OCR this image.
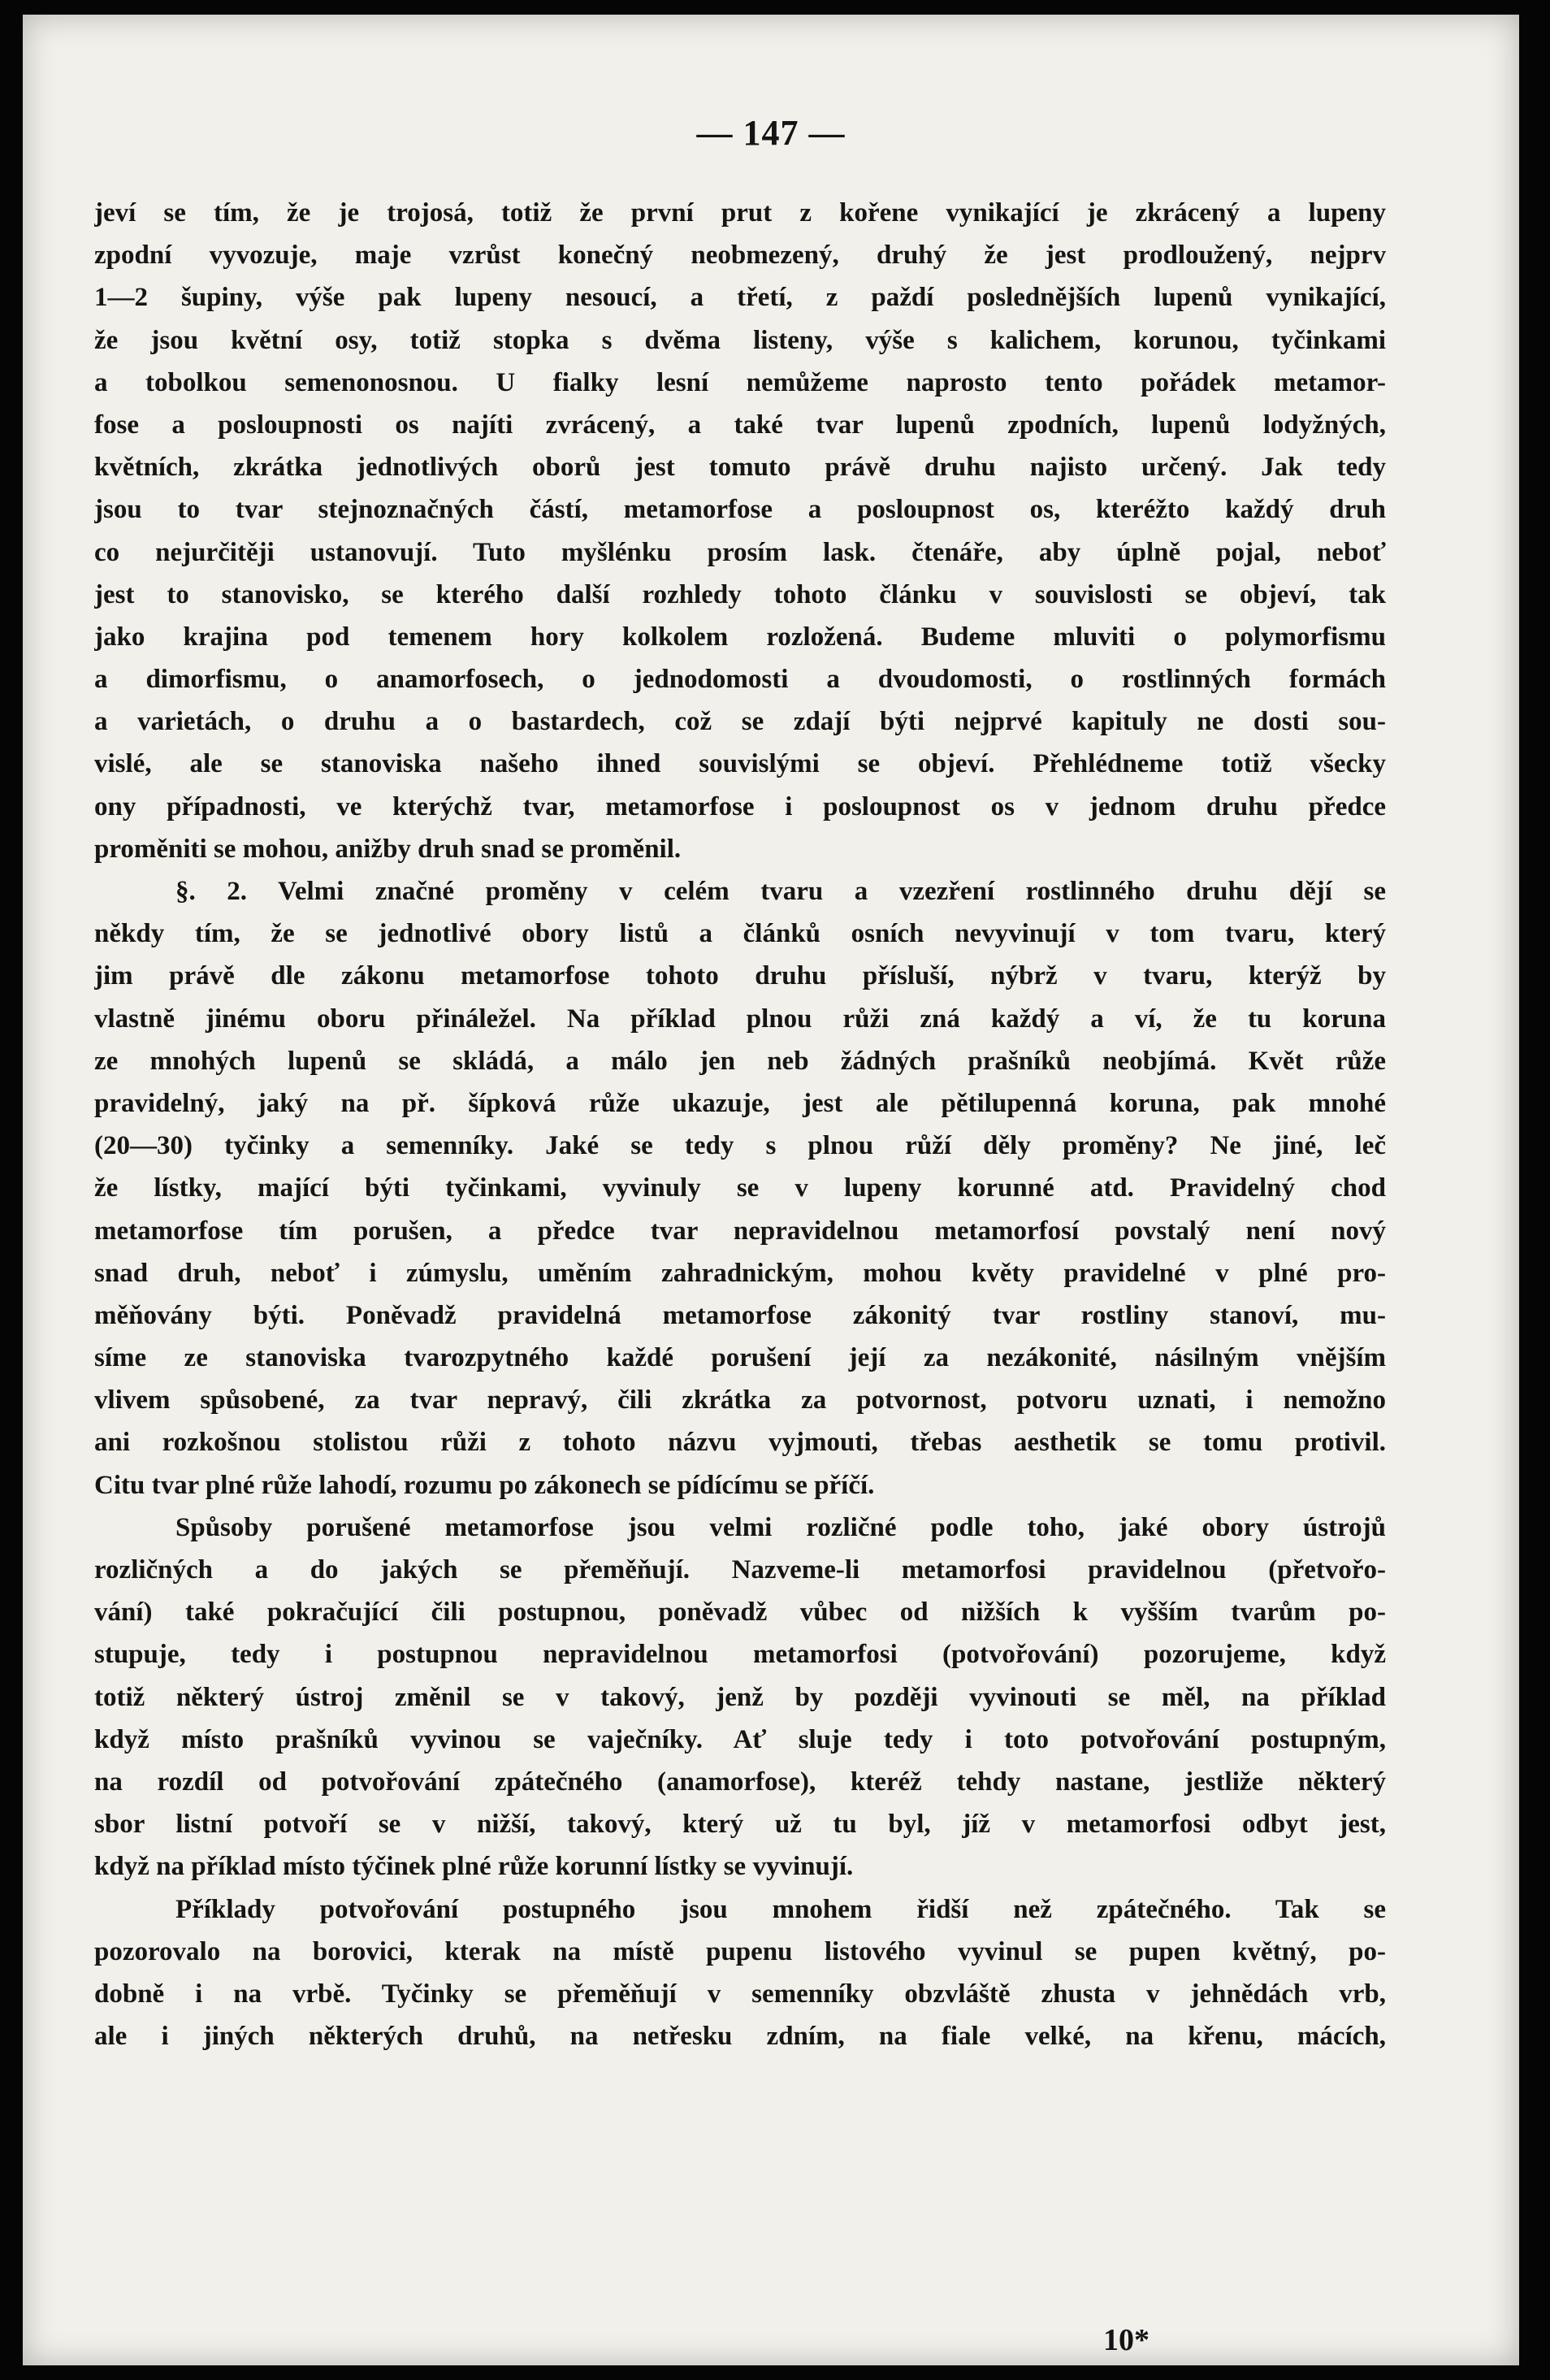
— 147 —
jeví se tím, že je trojosá, totiž že první prut z kořene vynikající je zkrácený a lupeny
zpodní vyvozuje, maje vzrůst konečný neobmezený, druhý že jest prodloužený, nejprv
1—2 šupiny, výše pak lupeny nesoucí, a třetí, z paždí poslednějších lupenů vynikající,
že jsou květní osy, totiž stopka s dvěma listeny, výše s kalichem, korunou, tyčinkami
a tobolkou semenonosnou. U fialky lesní nemůžeme naprosto tento pořádek metamor-
fose a posloupnosti os najíti zvrácený, a také tvar lupenů zpodních, lupenů lodyžných,
květních, zkrátka jednotlivých oborů jest tomuto právě druhu najisto určený. Jak tedy
jsou to tvar stejnoznačných částí, metamorfose a posloupnost os, kteréžto každý druh
co nejurčitěji ustanovují. Tuto myšlénku prosím lask. čtenáře, aby úplně pojal, neboť
jest to stanovisko, se kterého další rozhledy tohoto článku v souvislosti se objeví, tak
jako krajina pod temenem hory kolkolem rozložená. Budeme mluviti o polymorfismu
a dimorfismu, o anamorfosech, o jednodomosti a dvoudomosti, o rostlinných formách
a varietách, o druhu a o bastardech, což se zdají býti nejprvé kapituly ne dosti sou-
vislé, ale se stanoviska našeho ihned souvislými se objeví. Přehlédneme totiž všecky
ony případnosti, ve kterýchž tvar, metamorfose i posloupnost os v jednom druhu předce
proměniti se mohou, anižby druh snad se proměnil.
§. 2. Velmi značné proměny v celém tvaru a vzezření rostlinného druhu dějí se
někdy tím, že se jednotlivé obory listů a článků osních nevyvinují v tom tvaru, který
jim právě dle zákonu metamorfose tohoto druhu přísluší, nýbrž v tvaru, kterýž by
vlastně jinému oboru přináležel. Na příklad plnou růži zná každý a ví, že tu koruna
ze mnohých lupenů se skládá, a málo jen neb žádných prašníků neobjímá. Květ růže
pravidelný, jaký na př. šípková růže ukazuje, jest ale pětilupenná koruna, pak mnohé
(20—30) tyčinky a semenníky. Jaké se tedy s plnou růží děly proměny? Ne jiné, leč
že lístky, mající býti tyčinkami, vyvinuly se v lupeny korunné atd. Pravidelný chod
metamorfose tím porušen, a předce tvar nepravidelnou metamorfosí povstalý není nový
snad druh, neboť i zúmyslu, uměním zahradnickým, mohou květy pravidelné v plné pro-
měňovány býti. Poněvadž pravidelná metamorfose zákonitý tvar rostliny stanoví, mu-
síme ze stanoviska tvarozpytného každé porušení její za nezákonité, násilným vnějším
vlivem spůsobené, za tvar nepravý, čili zkrátka za potvornost, potvoru uznati, i nemožno
ani rozkošnou stolistou růži z tohoto názvu vyjmouti, třebas aesthetik se tomu protivil.
Citu tvar plné růže lahodí, rozumu po zákonech se pídícímu se příčí.
Spůsoby porušené metamorfose jsou velmi rozličné podle toho, jaké obory ústrojů
rozličných a do jakých se přeměňují. Nazveme-li metamorfosi pravidelnou (přetvořo-
vání) také pokračující čili postupnou, poněvadž vůbec od nižších k vyšším tvarům po-
stupuje, tedy i postupnou nepravidelnou metamorfosi (potvořování) pozorujeme, když
totiž některý ústroj změnil se v takový, jenž by později vyvinouti se měl, na příklad
když místo prašníků vyvinou se vaječníky. Ať sluje tedy i toto potvořování postupným,
na rozdíl od potvořování zpátečného (anamorfose), kteréž tehdy nastane, jestliže některý
sbor listní potvoří se v nižší, takový, který už tu byl, jíž v metamorfosi odbyt jest,
když na příklad místo týčinek plné růže korunní lístky se vyvinují.
Příklady potvořování postupného jsou mnohem řidší než zpátečného. Tak se
pozorovalo na borovici, kterak na místě pupenu listového vyvinul se pupen květný, po-
dobně i na vrbě. Tyčinky se přeměňují v semenníky obzvláště zhusta v jehnědách vrb,
ale i jiných některých druhů, na netřesku zdním, na fiale velké, na křenu, mácích,
10*
